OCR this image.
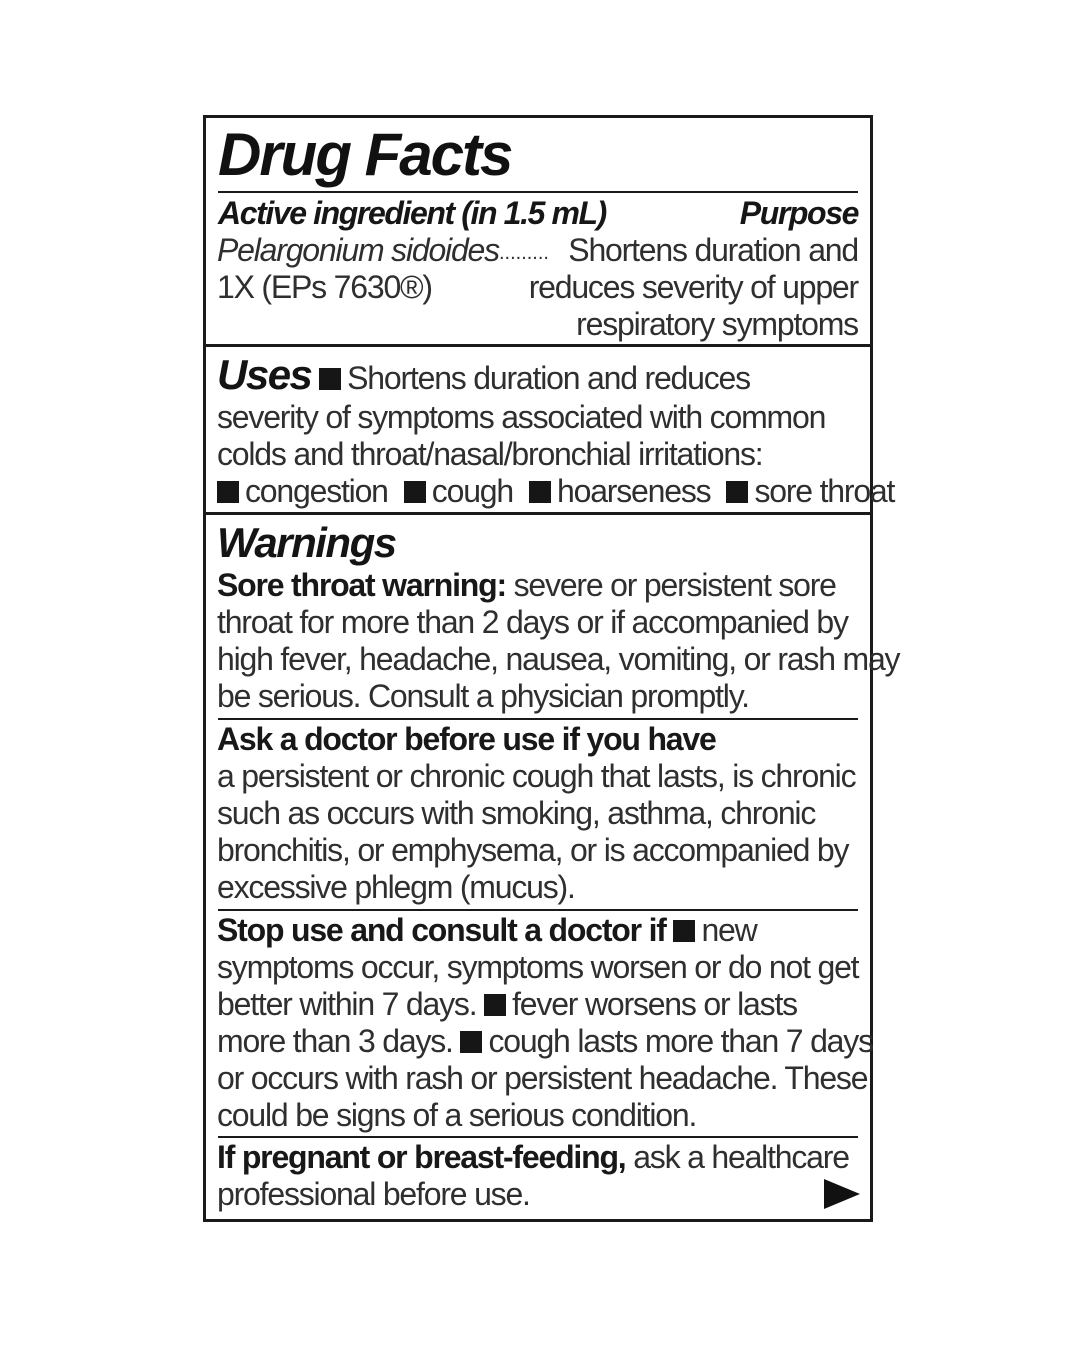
Drug Facts
Active ingredient (in 1.5 mL)	Purpose
Pelargonium sidoides.........
1X (EPs 7630®)
Shortens duration and
reduces severity of upper
respiratory symptoms
Uses Shortens duration and reduces
severity of symptoms associated with common
colds and throat/nasal/bronchial irritations:
congestion cough hoarseness sore throat
Warnings
Sore throat warning: severe or persistent sore
throat for more than 2 days or if accompanied by
high fever, headache, nausea, vomiting, or rash may
be serious. Consult a physician promptly.
Ask a doctor before use if you have
a persistent or chronic cough that lasts, is chronic
such as occurs with smoking, asthma, chronic
bronchitis, or emphysema, or is accompanied by
excessive phlegm (mucus).
Stop use and consult a doctor if new
symptoms occur, symptoms worsen or do not get
better within 7 days. fever worsens or lasts
more than 3 days. cough lasts more than 7 days
or occurs with rash or persistent headache. These
could be signs of a serious condition.
If pregnant or breast-feeding, ask a healthcare
professional before use.
